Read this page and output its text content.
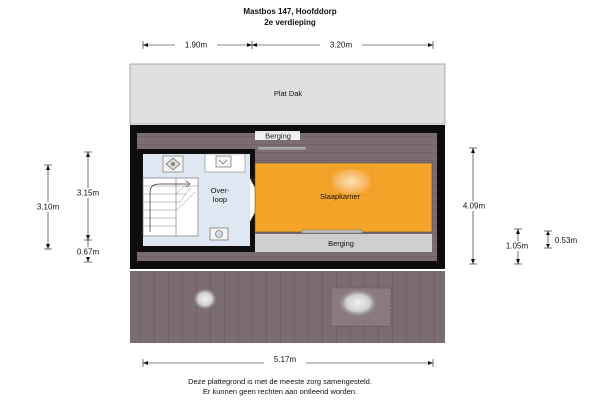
Mastbos 147, Hoofddorp
2e verdieping
1.90m	3.20m
Plat Dak
Berging
Over-
loop	Slaapkamer
Berging
3.10m
3.15m
0.67m
4.09m
1.05m
0.53m
5.17m
Deze plattegrond is met de meeste zorg samengesteld.
Er kunnen geen rechten aan ontleend worden.
